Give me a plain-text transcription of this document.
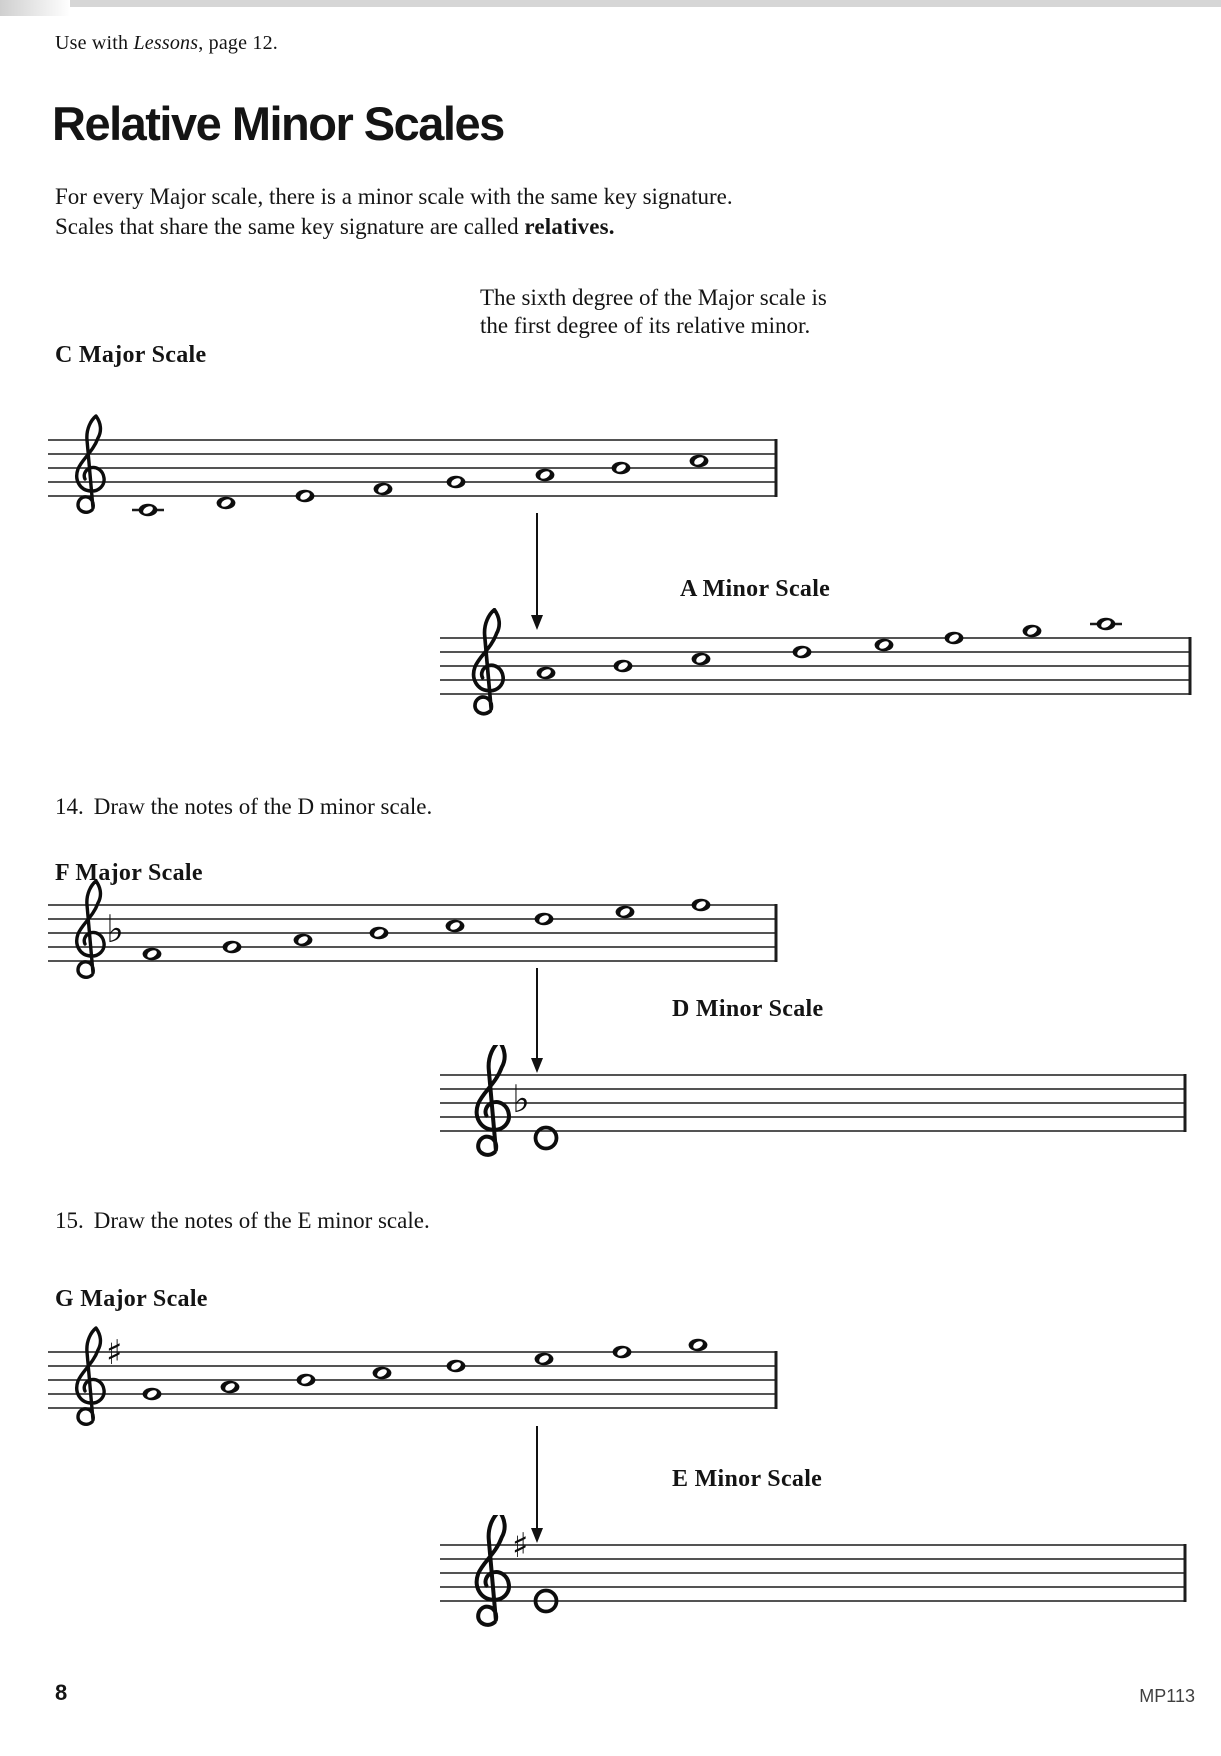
Use with Lessons, page 12.
Relative Minor Scales
For every Major scale, there is a minor scale with the same key signature.
Scales that share the same key signature are called relatives.
The sixth degree of the Major scale is
the first degree of its relative minor.
C Major Scale
A Minor Scale
14. Draw the notes of the D minor scale.
F Major Scale
♭
D Minor Scale
♭
15. Draw the notes of the E minor scale.
G Major Scale
♯
E Minor Scale
♯
8	MP113
